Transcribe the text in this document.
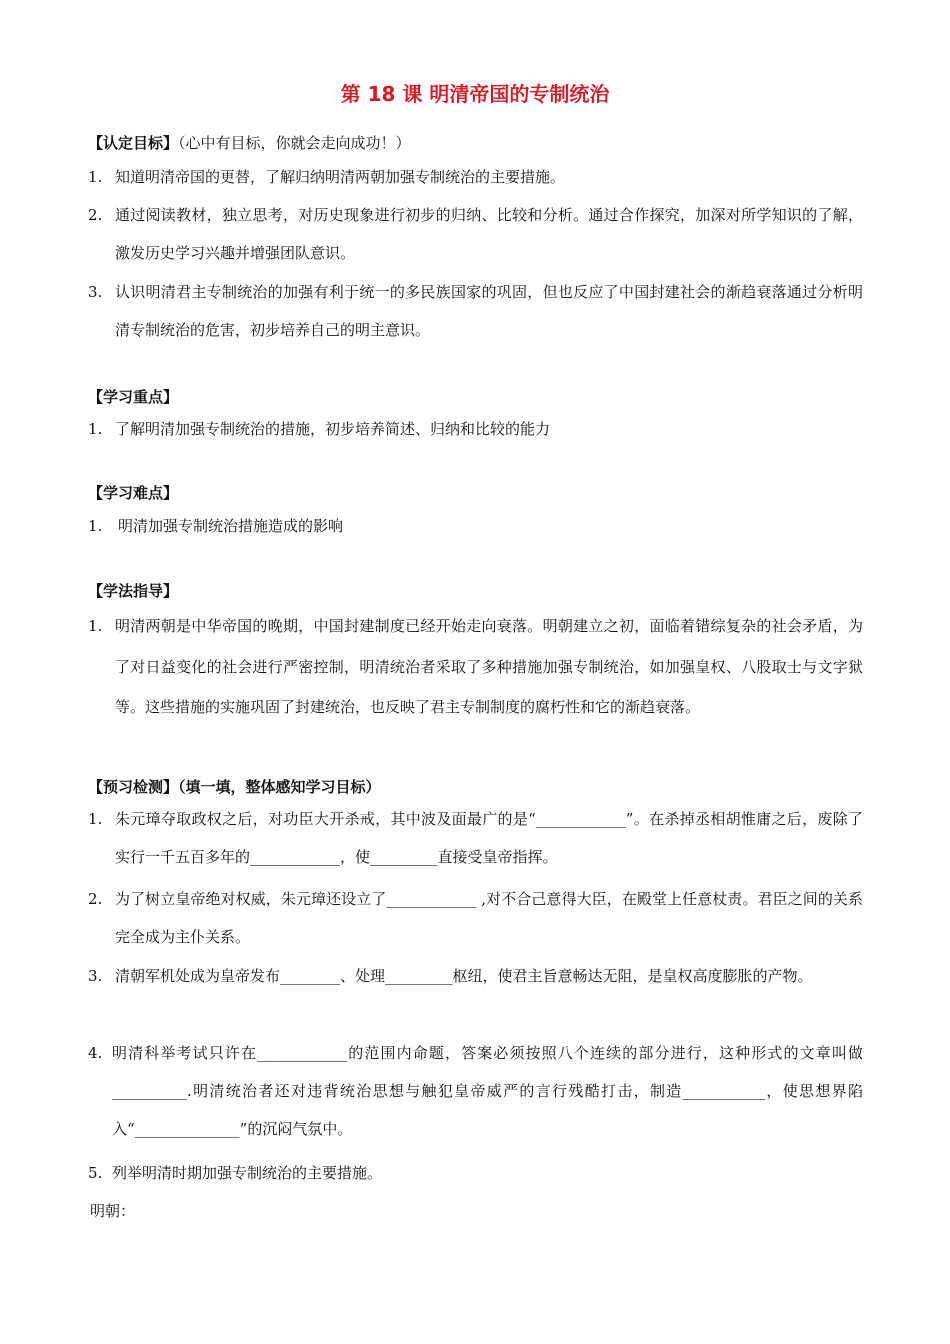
第 18 课 明清帝国的专制统治
【认定目标】（心中有目标，你就会走向成功！）
1. 知道明清帝国的更替，了解归纳明清两朝加强专制统治的主要措施。
2. 通过阅读教材，独立思考，对历史现象进行初步的归纳、比较和分析。通过合作探究，加深对所学知识的了解，激发历史学习兴趣并增强团队意识。
3. 认识明清君主专制统治的加强有利于统一的多民族国家的巩固，但也反应了中国封建社会的渐趋衰落通过分析明清专制统治的危害，初步培养自己的明主意识。
【学习重点】
1. 了解明清加强专制统治的措施，初步培养简述、归纳和比较的能力
【学习难点】
1. 明清加强专制统治措施造成的影响
【学法指导】
1. 明清两朝是中华帝国的晚期，中国封建制度已经开始走向衰落。明朝建立之初，面临着错综复杂的社会矛盾，为了对日益变化的社会进行严密控制，明清统治者采取了多种措施加强专制统治，如加强皇权、八股取士与文字狱等。这些措施的实施巩固了封建统治，也反映了君主专制制度的腐朽性和它的渐趋衰落。
【预习检测】（填一填，整体感知学习目标）
1. 朱元璋夺取政权之后，对功臣大开杀戒，其中波及面最广的是“____________”。在杀掉丞相胡惟庸之后，废除了实行一千五百多年的____________，使_________直接受皇帝指挥。
2. 为了树立皇帝绝对权威，朱元璋还设立了____________ ,对不合己意得大臣，在殿堂上任意杖责。君臣之间的关系完全成为主仆关系。
3. 清朝军机处成为皇帝发布________、处理_________枢纽，使君主旨意畅达无阻，是皇权高度膨胀的产物。
4. 明清科举考试只许在____________的范围内命题，答案必须按照八个连续的部分进行，这种形式的文章叫做__________.明清统治者还对违背统治思想与触犯皇帝威严的言行残酷打击，制造___________，使思想界陷入“______________”的沉闷气氛中。
5. 列举明清时期加强专制统治的主要措施。
明朝：
